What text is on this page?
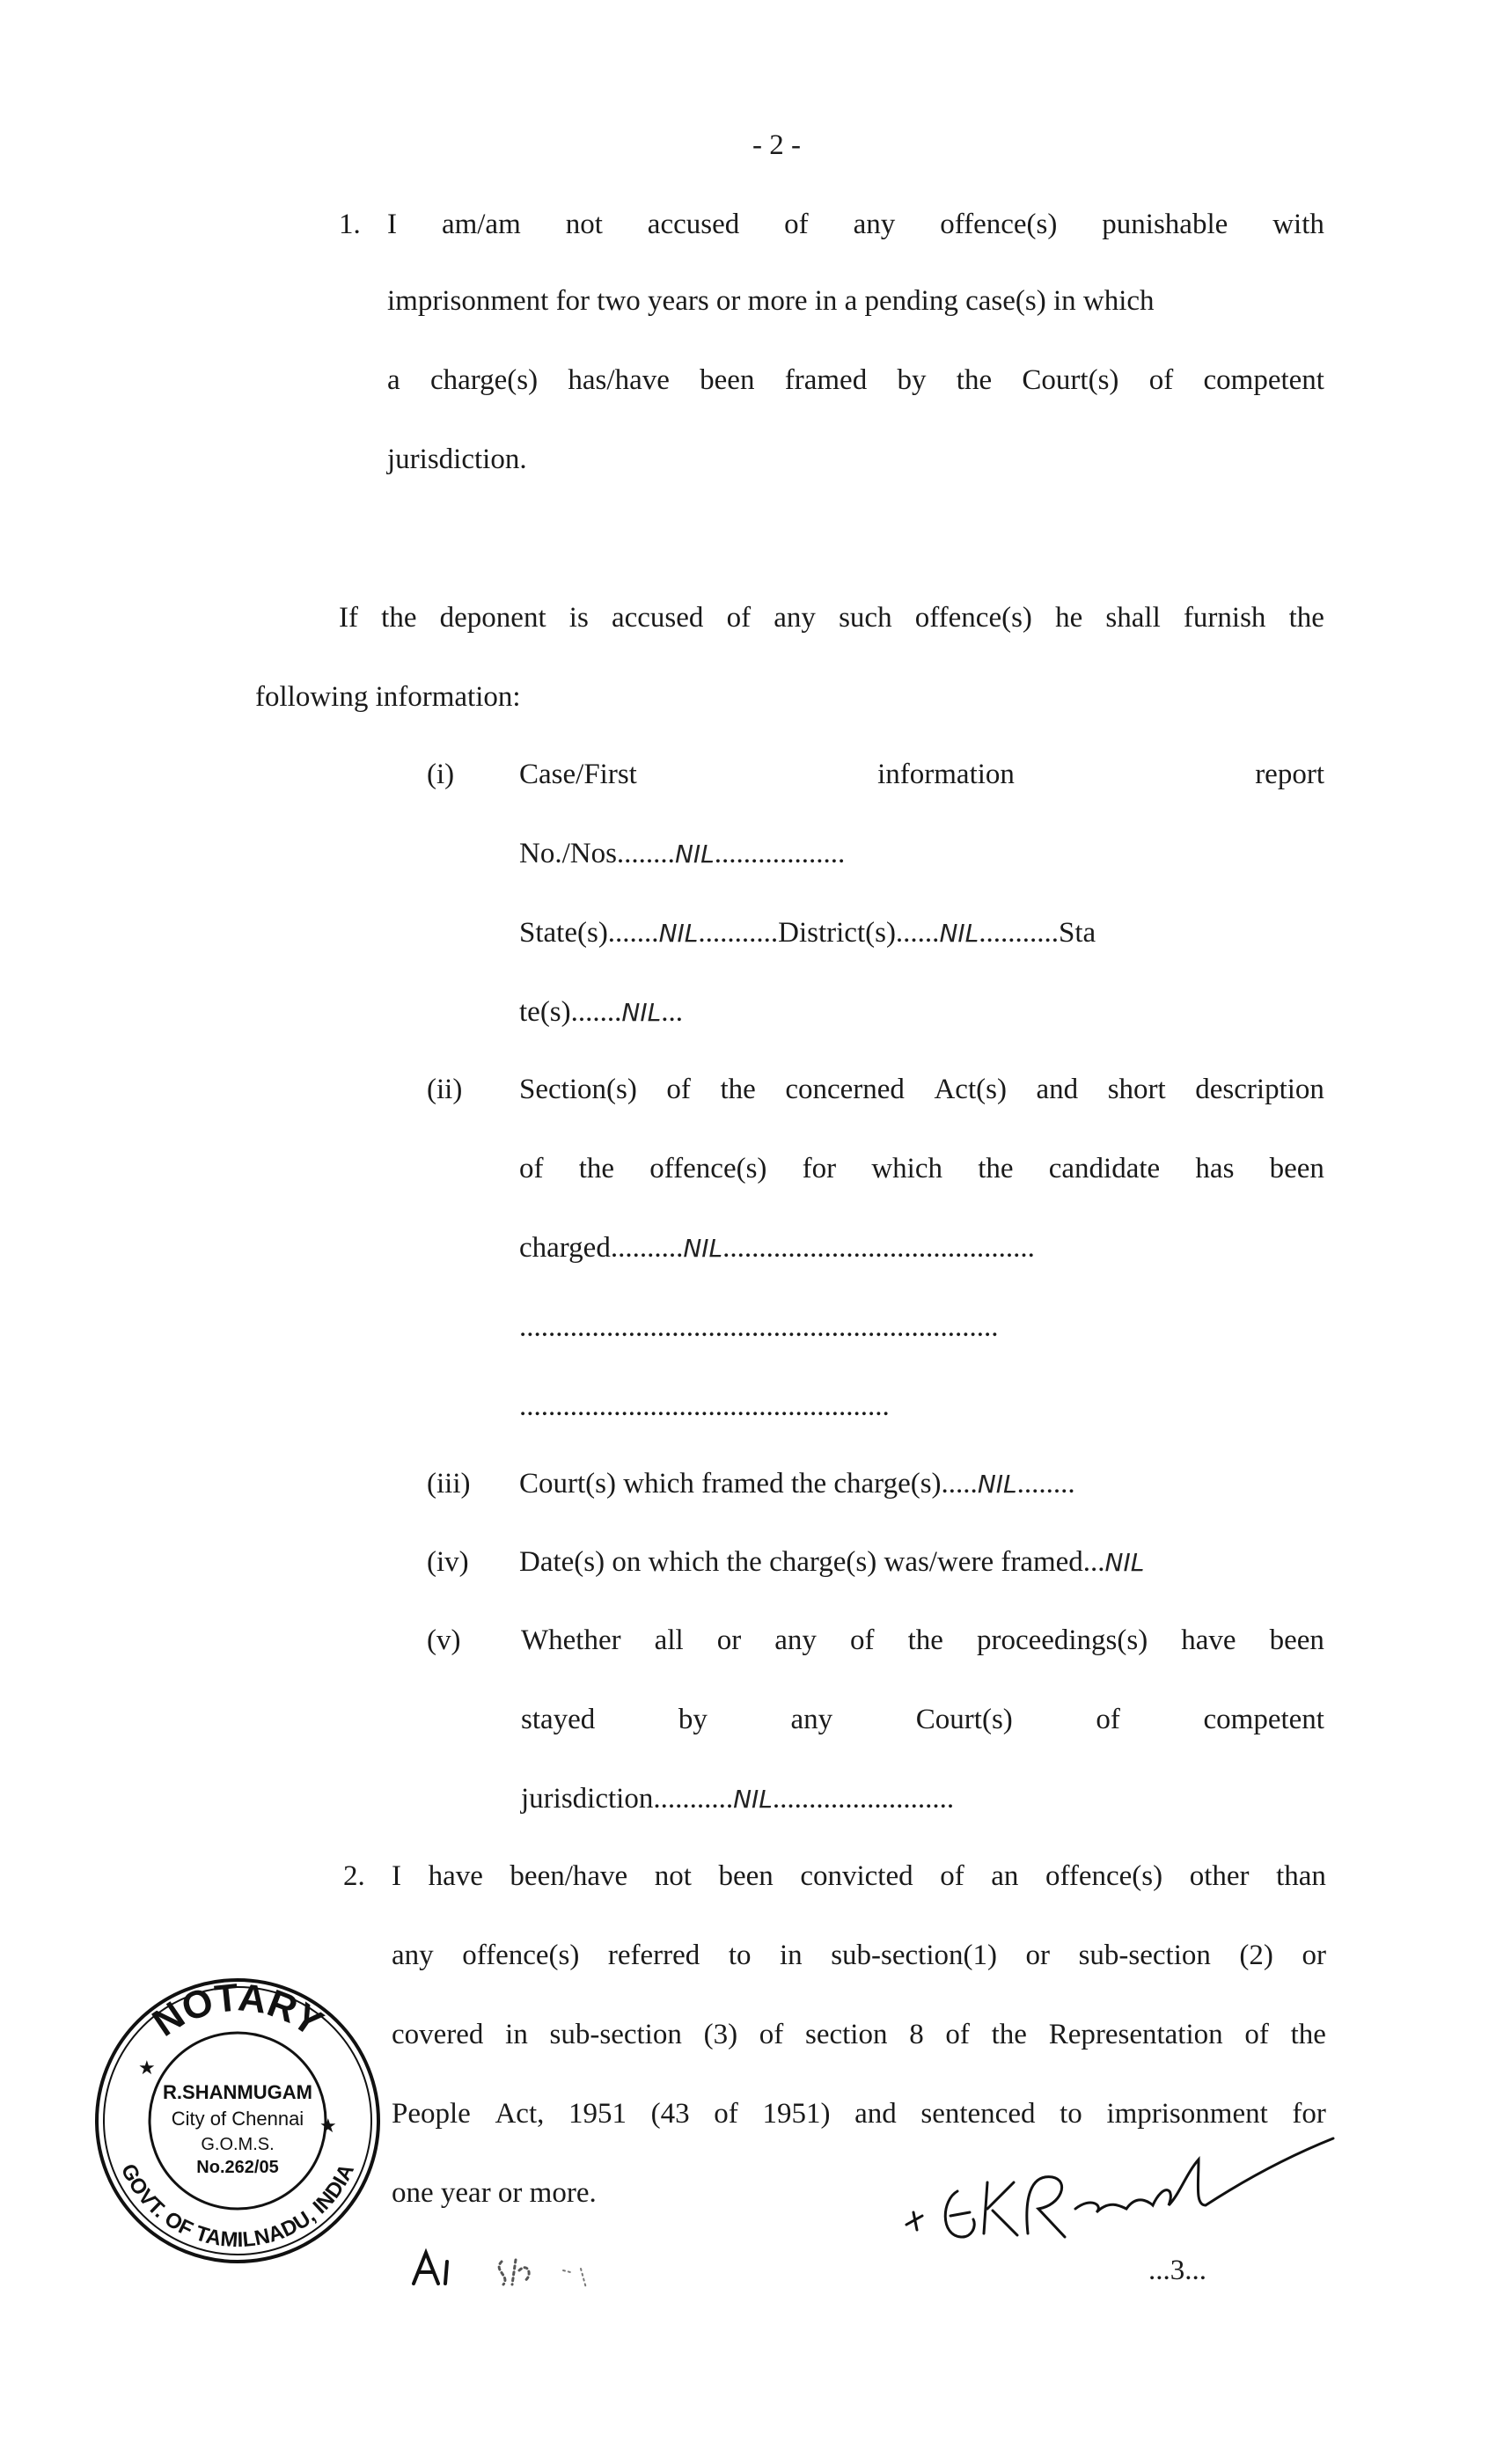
- 2 -
1. I am/am not accused of any offence(s) punishable with
imprisonment for two years or more in a pending case(s) in which
a charge(s) has/have been framed by the Court(s) of competent
jurisdiction.
If the deponent is accused of any such offence(s) he shall furnish the
following information:
(i) Case/First	information	report
No./Nos........NIL..................
State(s).......NIL...........District(s)......NIL...........Sta
te(s).......NIL...
(ii) Section(s) of the concerned Act(s) and short description
of the offence(s) for which the candidate has been
charged..........NIL...........................................
..................................................................
...................................................
(iii) Court(s) which framed the charge(s).....NIL........
(iv) Date(s) on which the charge(s) was/were framed...NIL
(v) Whether all or any of the proceedings(s) have been
stayed	by	any	Court(s)	of	competent
jurisdiction...........NIL.........................
2. I have been/have not been convicted of an offence(s) other than
any offence(s) referred to in sub-section(1) or sub-section (2) or
covered in sub-section (3) of section 8 of the Representation of the
People Act, 1951 (43 of 1951) and sentenced to imprisonment for
one year or more.
...3...
NOTARY
GOVT. OF TAMILNADU, INDIA
★
★
R.SHANMUGAM
City of Chennai
G.O.M.S.
No.262/05
